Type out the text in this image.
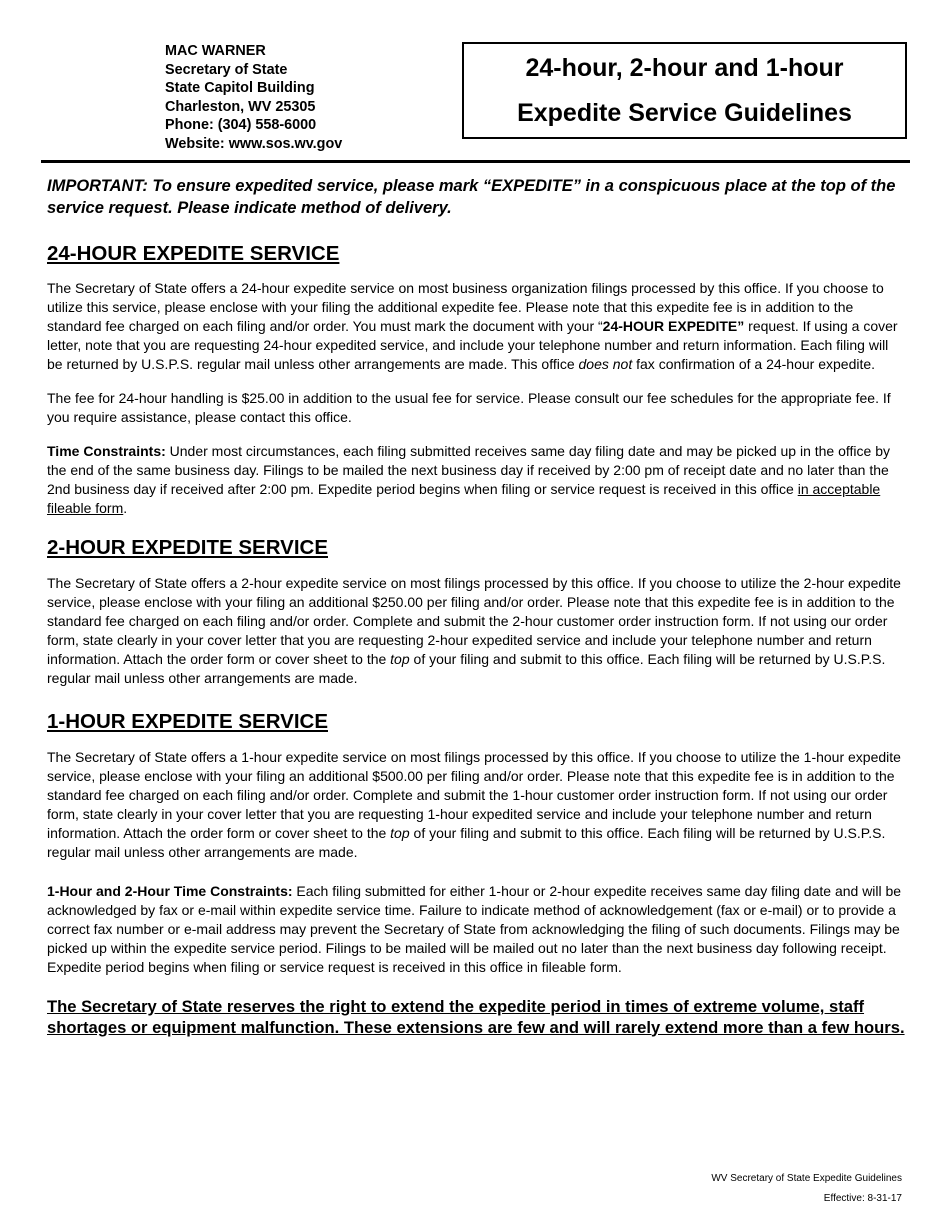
MAC WARNER
Secretary of State
State Capitol Building
Charleston, WV 25305
Phone: (304) 558-6000
Website: www.sos.wv.gov
24-hour, 2-hour and 1-hour
Expedite Service Guidelines

IMPORTANT: To ensure expedited service, please mark “EXPEDITE” in a conspicuous place at the top of the service request. Please indicate method of delivery.

24-HOUR EXPEDITE SERVICE

The Secretary of State offers a 24-hour expedite service on most business organization filings processed by this office. If you choose to utilize this service, please enclose with your filing the additional expedite fee. Please note that this expedite fee is in addition to the standard fee charged on each filing and/or order. You must mark the document with your “24-HOUR EXPEDITE” request. If using a cover letter, note that you are requesting 24-hour expedited service, and include your telephone number and return information. Each filing will be returned by U.S.P.S. regular mail unless other arrangements are made. This office does not fax confirmation of a 24-hour expedite.

The fee for 24-hour handling is $25.00 in addition to the usual fee for service. Please consult our fee schedules for the appropriate fee. If you require assistance, please contact this office.

Time Constraints: Under most circumstances, each filing submitted receives same day filing date and may be picked up in the office by the end of the same business day. Filings to be mailed the next business day if received by 2:00 pm of receipt date and no later than the 2nd business day if received after 2:00 pm. Expedite period begins when filing or service request is received in this office in acceptable fileable form.

2-HOUR EXPEDITE SERVICE

The Secretary of State offers a 2-hour expedite service on most filings processed by this office. If you choose to utilize the 2-hour expedite service, please enclose with your filing an additional $250.00 per filing and/or order. Please note that this expedite fee is in addition to the standard fee charged on each filing and/or order. Complete and submit the 2-hour customer order instruction form. If not using our order form, state clearly in your cover letter that you are requesting 2-hour expedited service and include your telephone number and return information. Attach the order form or cover sheet to the top of your filing and submit to this office. Each filing will be returned by U.S.P.S. regular mail unless other arrangements are made.

1-HOUR EXPEDITE SERVICE

The Secretary of State offers a 1-hour expedite service on most filings processed by this office. If you choose to utilize the 1-hour expedite service, please enclose with your filing an additional $500.00 per filing and/or order. Please note that this expedite fee is in addition to the standard fee charged on each filing and/or order. Complete and submit the 1-hour customer order instruction form. If not using our order form, state clearly in your cover letter that you are requesting 1-hour expedited service and include your telephone number and return information. Attach the order form or cover sheet to the top of your filing and submit to this office. Each filing will be returned by U.S.P.S. regular mail unless other arrangements are made.

1-Hour and 2-Hour Time Constraints: Each filing submitted for either 1-hour or 2-hour expedite receives same day filing date and will be acknowledged by fax or e-mail within expedite service time. Failure to indicate method of acknowledgement (fax or e-mail) or to provide a correct fax number or e-mail address may prevent the Secretary of State from acknowledging the filing of such documents. Filings may be picked up within the expedite service period. Filings to be mailed will be mailed out no later than the next business day following receipt. Expedite period begins when filing or service request is received in this office in fileable form.

The Secretary of State reserves the right to extend the expedite period in times of extreme volume, staff shortages or equipment malfunction. These extensions are few and will rarely extend more than a few hours.

WV Secretary of State Expedite Guidelines
Effective: 8-31-17
